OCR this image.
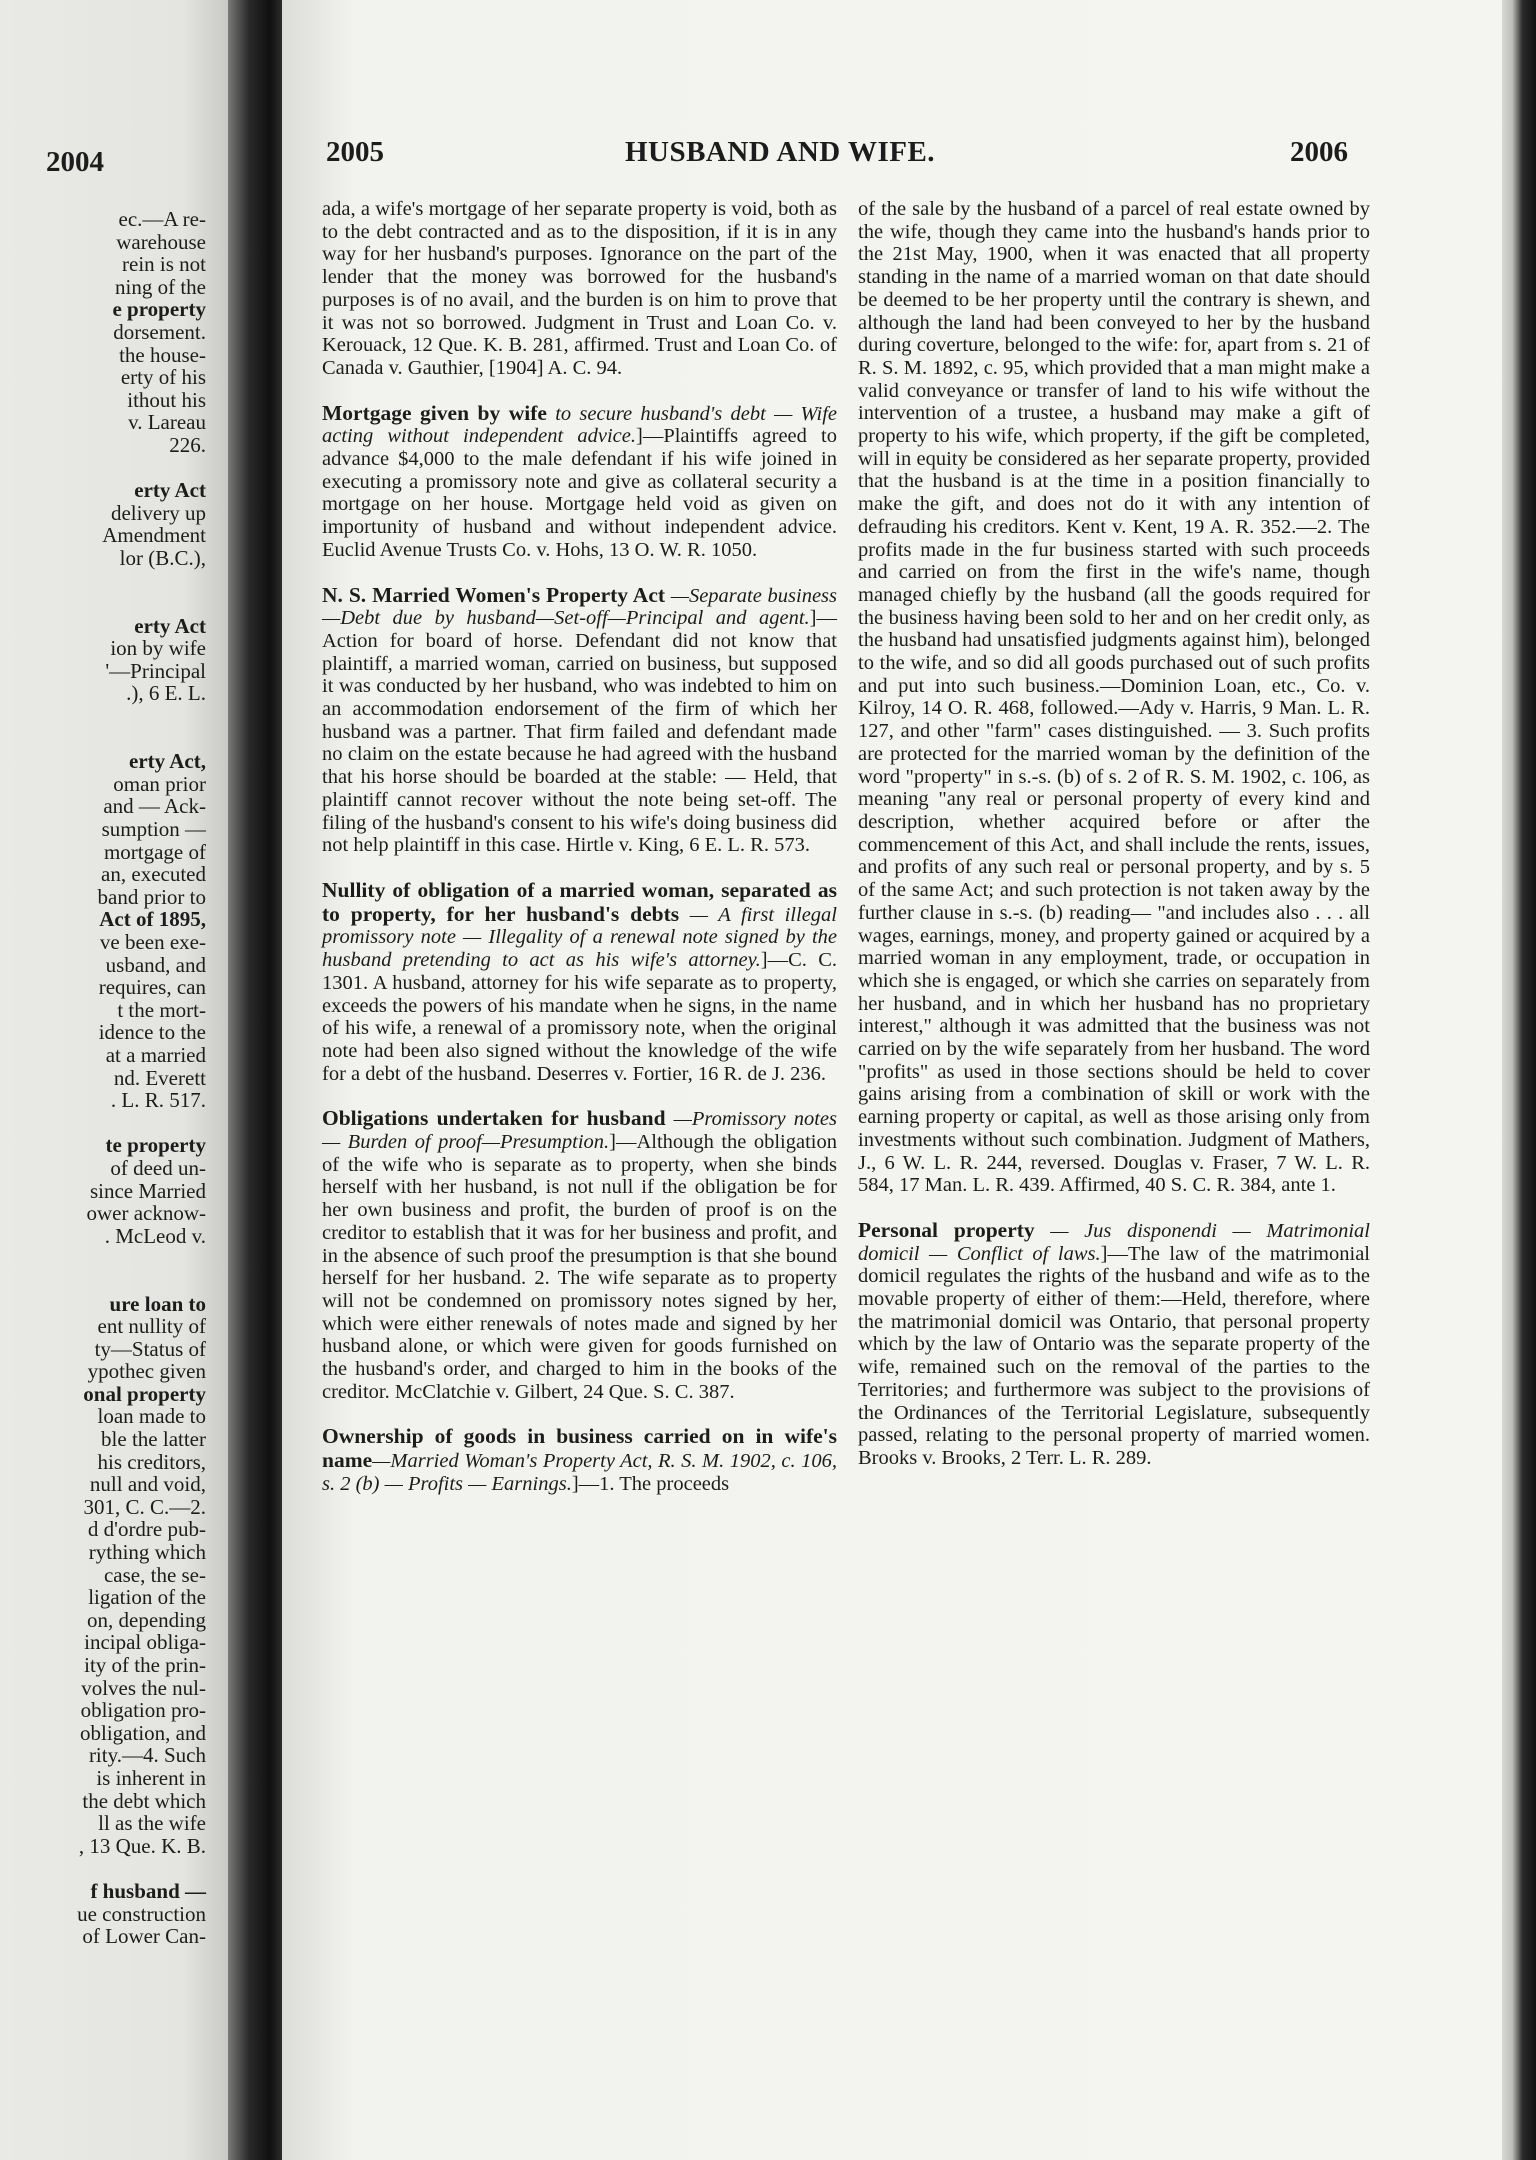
2004
ec.—A re-
warehouse
rein is not
ning of the
e property
dorsement.
the house-
erty of his
ithout his
v. Lareau
226.

erty Act
delivery up
Amendment
lor (B.C.),

erty Act
ion by wife
'—Principal
.), 6 E. L.

erty Act,
oman prior
and — Ack-
sumption —
mortgage of
an, executed
band prior to
Act of 1895,
ve been exe-
usband, and
requires, can
t the mort-
idence to the
at a married
nd. Everett
. L. R. 517.

te property
of deed un-
since Married
ower acknow-
. McLeod v.

ure loan to
ent nullity of
ty—Status of
ypothec given
onal property
loan made to
ble the latter
his creditors,
null and void,
301, C. C.—2.
d d'ordre pub-
rything which
case, the se-
ligation of the
on, depending
incipal obliga-
ity of the prin-
volves the nul-
obligation pro-
obligation, and
rity.—4. Such
is inherent in
the debt which
ll as the wife
, 13 Que. K. B.

f husband —
ue construction
of Lower Can-
2005	HUSBAND AND WIFE.	2006

ada, a wife's mortgage of her separate property is void, both as to the debt contracted and as to the disposition, if it is in any way for her husband's purposes. Ignorance on the part of the lender that the money was borrowed for the husband's purposes is of no avail, and the burden is on him to prove that it was not so borrowed. Judgment in Trust and Loan Co. v. Kerouack, 12 Que. K. B. 281, affirmed. Trust and Loan Co. of Canada v. Gauthier, [1904] A. C. 94.

Mortgage given by wife to secure husband's debt — Wife acting without independent advice.]—Plaintiffs agreed to advance $4,000 to the male defendant if his wife joined in executing a promissory note and give as collateral security a mortgage on her house. Mortgage held void as given on importunity of husband and without independent advice. Euclid Avenue Trusts Co. v. Hohs, 13 O. W. R. 1050.

N. S. Married Women's Property Act —Separate business—Debt due by husband—Set-off—Principal and agent.]—Action for board of horse. Defendant did not know that plaintiff, a married woman, carried on business, but supposed it was conducted by her husband, who was indebted to him on an accommodation endorsement of the firm of which her husband was a partner. That firm failed and defendant made no claim on the estate because he had agreed with the husband that his horse should be boarded at the stable: — Held, that plaintiff cannot recover without the note being set-off. The filing of the husband's consent to his wife's doing business did not help plaintiff in this case. Hirtle v. King, 6 E. L. R. 573.

Nullity of obligation of a married woman, separated as to property, for her husband's debts — A first illegal promissory note — Illegality of a renewal note signed by the husband pretending to act as his wife's attorney.]—C. C. 1301. A husband, attorney for his wife separate as to property, exceeds the powers of his mandate when he signs, in the name of his wife, a renewal of a promissory note, when the original note had been also signed without the knowledge of the wife for a debt of the husband. Deserres v. Fortier, 16 R. de J. 236.

Obligations undertaken for husband —Promissory notes — Burden of proof—Presumption.]—Although the obligation of the wife who is separate as to property, when she binds herself with her husband, is not null if the obligation be for her own business and profit, the burden of proof is on the creditor to establish that it was for her business and profit, and in the absence of such proof the presumption is that she bound herself for her husband. 2. The wife separate as to property will not be condemned on promissory notes signed by her, which were either renewals of notes made and signed by her husband alone, or which were given for goods furnished on the husband's order, and charged to him in the books of the creditor. McClatchie v. Gilbert, 24 Que. S. C. 387.

Ownership of goods in business carried on in wife's name—Married Woman's Property Act, R. S. M. 1902, c. 106, s. 2 (b) — Profits — Earnings.]—1. The proceeds

of the sale by the husband of a parcel of real estate owned by the wife, though they came into the husband's hands prior to the 21st May, 1900, when it was enacted that all property standing in the name of a married woman on that date should be deemed to be her property until the contrary is shewn, and although the land had been conveyed to her by the husband during coverture, belonged to the wife: for, apart from s. 21 of R. S. M. 1892, c. 95, which provided that a man might make a valid conveyance or transfer of land to his wife without the intervention of a trustee, a husband may make a gift of property to his wife, which property, if the gift be completed, will in equity be considered as her separate property, provided that the husband is at the time in a position financially to make the gift, and does not do it with any intention of defrauding his creditors. Kent v. Kent, 19 A. R. 352.—2. The profits made in the fur business started with such proceeds and carried on from the first in the wife's name, though managed chiefly by the husband (all the goods required for the business having been sold to her and on her credit only, as the husband had unsatisfied judgments against him), belonged to the wife, and so did all goods purchased out of such profits and put into such business.—Dominion Loan, etc., Co. v. Kilroy, 14 O. R. 468, followed.—Ady v. Harris, 9 Man. L. R. 127, and other "farm" cases distinguished. — 3. Such profits are protected for the married woman by the definition of the word "property" in s.-s. (b) of s. 2 of R. S. M. 1902, c. 106, as meaning "any real or personal property of every kind and description, whether acquired before or after the commencement of this Act, and shall include the rents, issues, and profits of any such real or personal property, and by s. 5 of the same Act; and such protection is not taken away by the further clause in s.-s. (b) reading— "and includes also . . . all wages, earnings, money, and property gained or acquired by a married woman in any employment, trade, or occupation in which she is engaged, or which she carries on separately from her husband, and in which her husband has no proprietary interest," although it was admitted that the business was not carried on by the wife separately from her husband. The word "profits" as used in those sections should be held to cover gains arising from a combination of skill or work with the earning property or capital, as well as those arising only from investments without such combination. Judgment of Mathers, J., 6 W. L. R. 244, reversed. Douglas v. Fraser, 7 W. L. R. 584, 17 Man. L. R. 439. Affirmed, 40 S. C. R. 384, ante 1.

Personal property — Jus disponendi — Matrimonial domicil — Conflict of laws.]—The law of the matrimonial domicil regulates the rights of the husband and wife as to the movable property of either of them:—Held, therefore, where the matrimonial domicil was Ontario, that personal property which by the law of Ontario was the separate property of the wife, remained such on the removal of the parties to the Territories; and furthermore was subject to the provisions of the Ordinances of the Territorial Legislature, subsequently passed, relating to the personal property of married women. Brooks v. Brooks, 2 Terr. L. R. 289.
